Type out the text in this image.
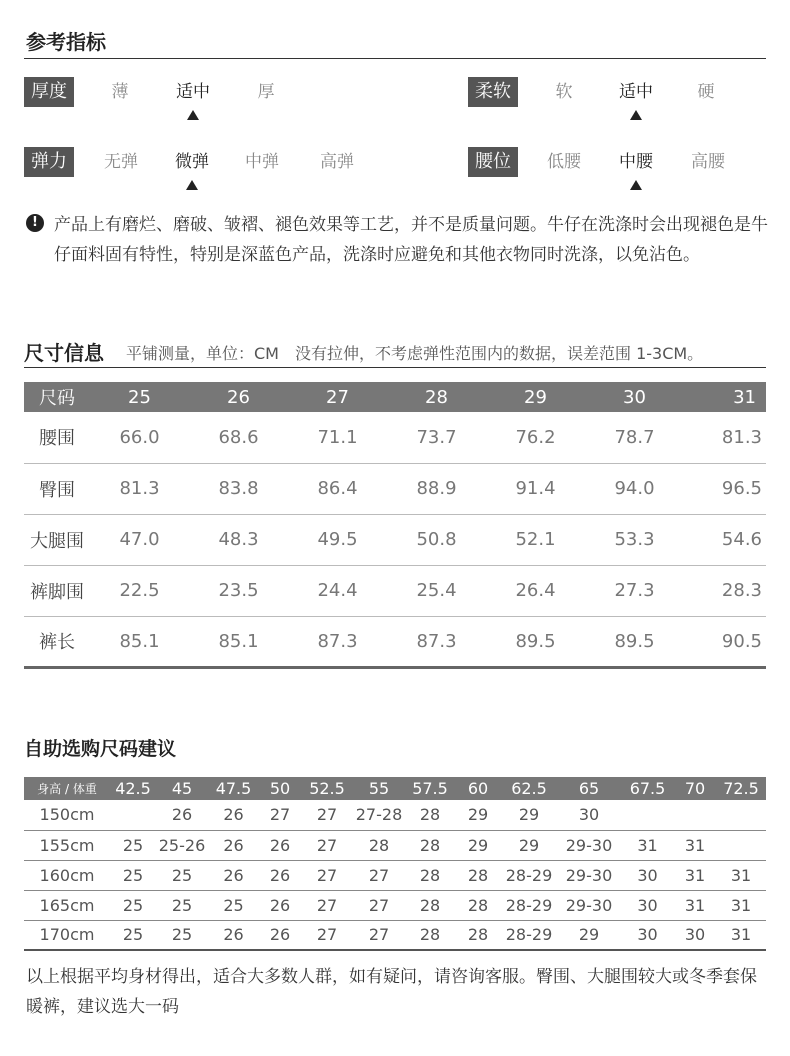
参考指标
厚度	薄	适中	厚	柔软	软	适中	硬
弹力	无弹	微弹	中弹	高弹	腰位	低腰	中腰	高腰
! 产品上有磨烂、磨破、皱褶、褪色效果等工艺，并不是质量问题。牛仔在洗涤时会出现褪色是牛仔面料固有特性，特别是深蓝色产品，洗涤时应避免和其他衣物同时洗涤，以免沾色。
尺寸信息 平铺测量，单位：CM　没有拉伸，不考虑弹性范围内的数据，误差范围 1-3CM。
尺码	25	26	27	28	29	30	31
腰围	66.0	68.6	71.1	73.7	76.2	78.7	81.3
臀围	81.3	83.8	86.4	88.9	91.4	94.0	96.5
大腿围	47.0	48.3	49.5	50.8	52.1	53.3	54.6
裤脚围	22.5	23.5	24.4	25.4	26.4	27.3	28.3
裤长	85.1	85.1	87.3	87.3	89.5	89.5	90.5
自助选购尺码建议
身高 / 体重	42.5	45	47.5	50	52.5	55	57.5	60	62.5	65	67.5	70	72.5
150cm		26	26	27	27	27-28	28	29	29	30			
155cm	25	25-26	26	26	27	28	28	29	29	29-30	31	31	
160cm	25	25	26	26	27	27	28	28	28-29	29-30	30	31	31
165cm	25	25	25	26	27	27	28	28	28-29	29-30	30	31	31
170cm	25	25	26	26	27	27	28	28	28-29	29	30	30	31
以上根据平均身材得出，适合大多数人群，如有疑问，请咨询客服。臀围、大腿围较大或冬季套保暖裤，建议选大一码
